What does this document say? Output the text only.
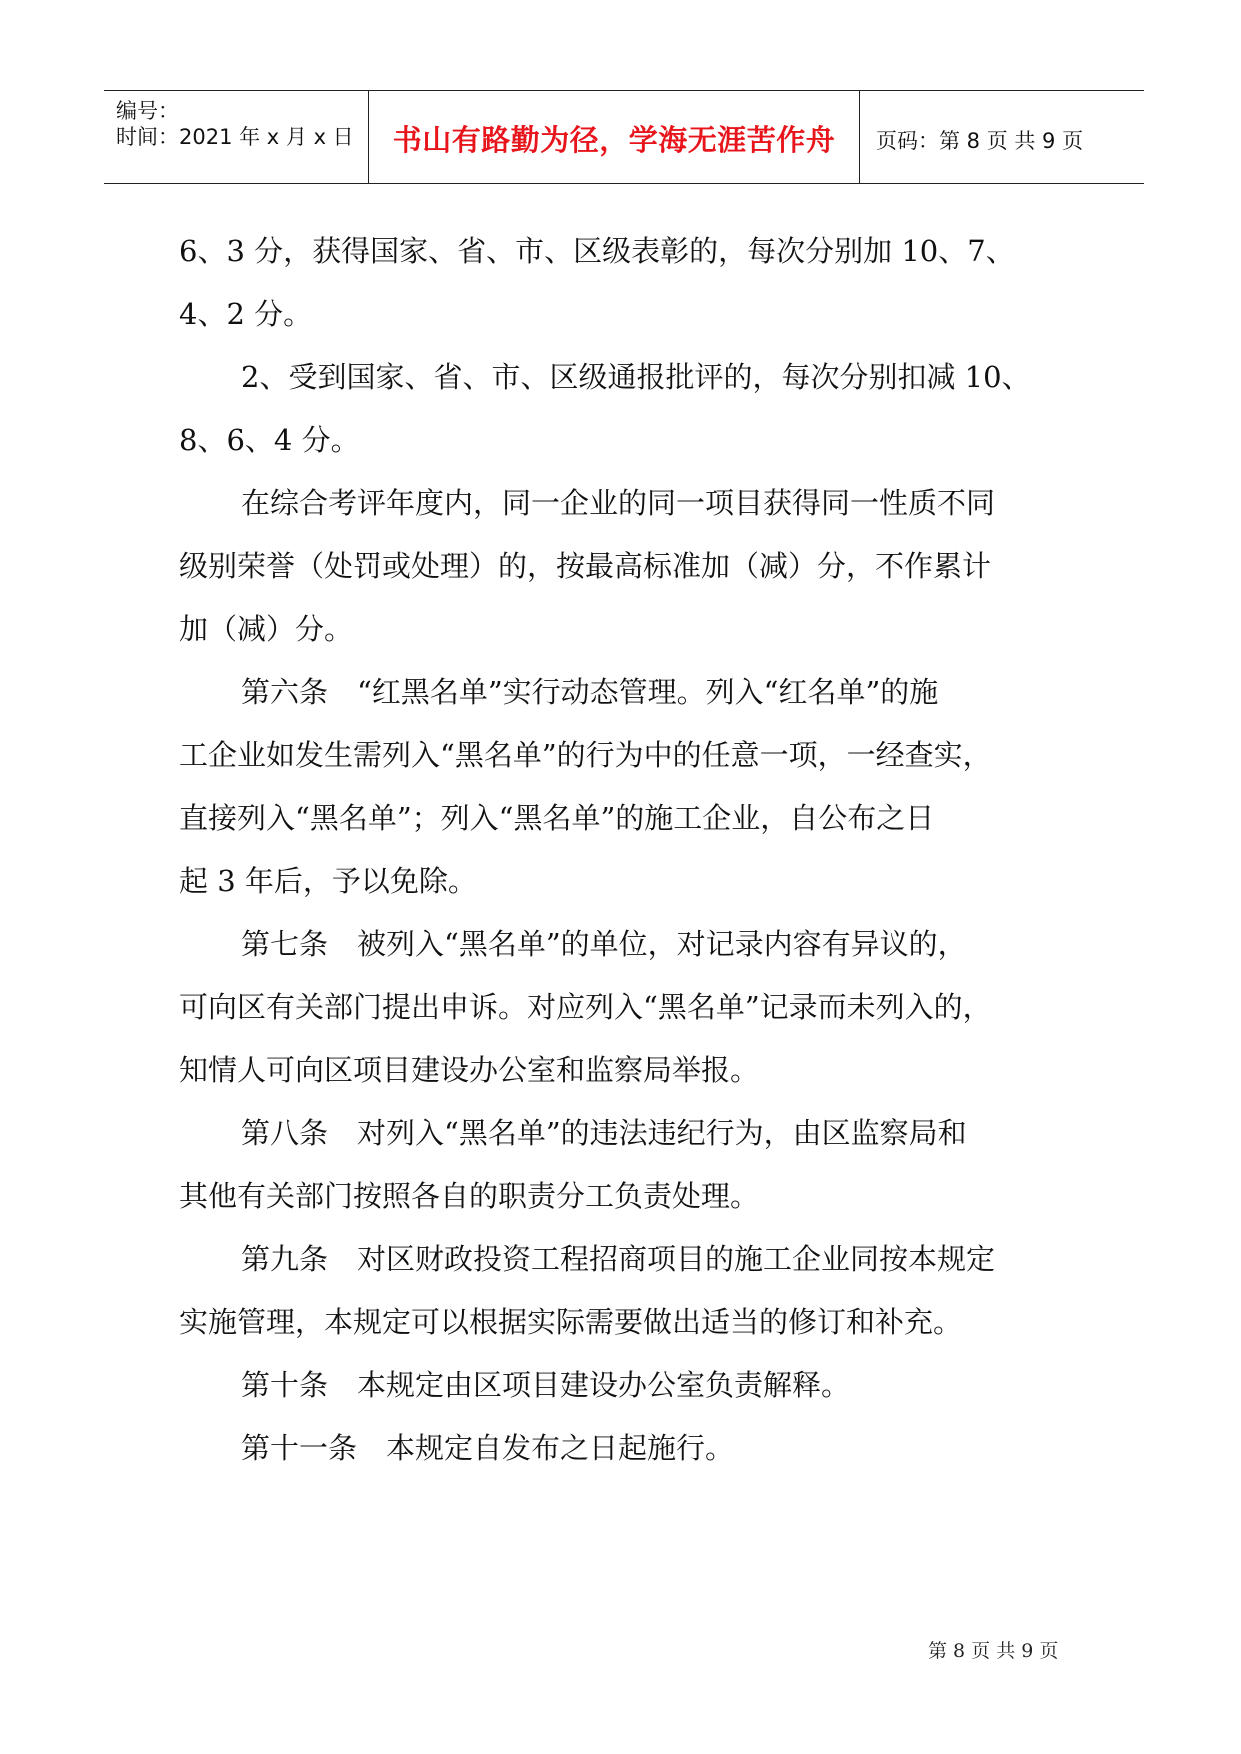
编号：
时间：2021 年 x 月 x 日	书山有路勤为径，学海无涯苦作舟	页码：第 8 页 共 9 页

6、3 分，获得国家、省、市、区级表彰的，每次分别加 10、7、

4、2 分。

2、受到国家、省、市、区级通报批评的，每次分别扣减 10、

8、6、4 分。

在综合考评年度内，同一企业的同一项目获得同一性质不同

级别荣誉（处罚或处理）的，按最高标准加（减）分，不作累计

加（减）分。

第六条　“红黑名单”实行动态管理。列入“红名单”的施

工企业如发生需列入“黑名单”的行为中的任意一项，一经查实，

直接列入“黑名单”；列入“黑名单”的施工企业，自公布之日

起 3 年后，予以免除。

第七条　被列入“黑名单”的单位，对记录内容有异议的，

可向区有关部门提出申诉。对应列入“黑名单”记录而未列入的，

知情人可向区项目建设办公室和监察局举报。

第八条　对列入“黑名单”的违法违纪行为，由区监察局和

其他有关部门按照各自的职责分工负责处理。

第九条　对区财政投资工程招商项目的施工企业同按本规定

实施管理，本规定可以根据实际需要做出适当的修订和补充。

第十条　本规定由区项目建设办公室负责解释。

第十一条　本规定自发布之日起施行。

第 8 页 共 9 页
